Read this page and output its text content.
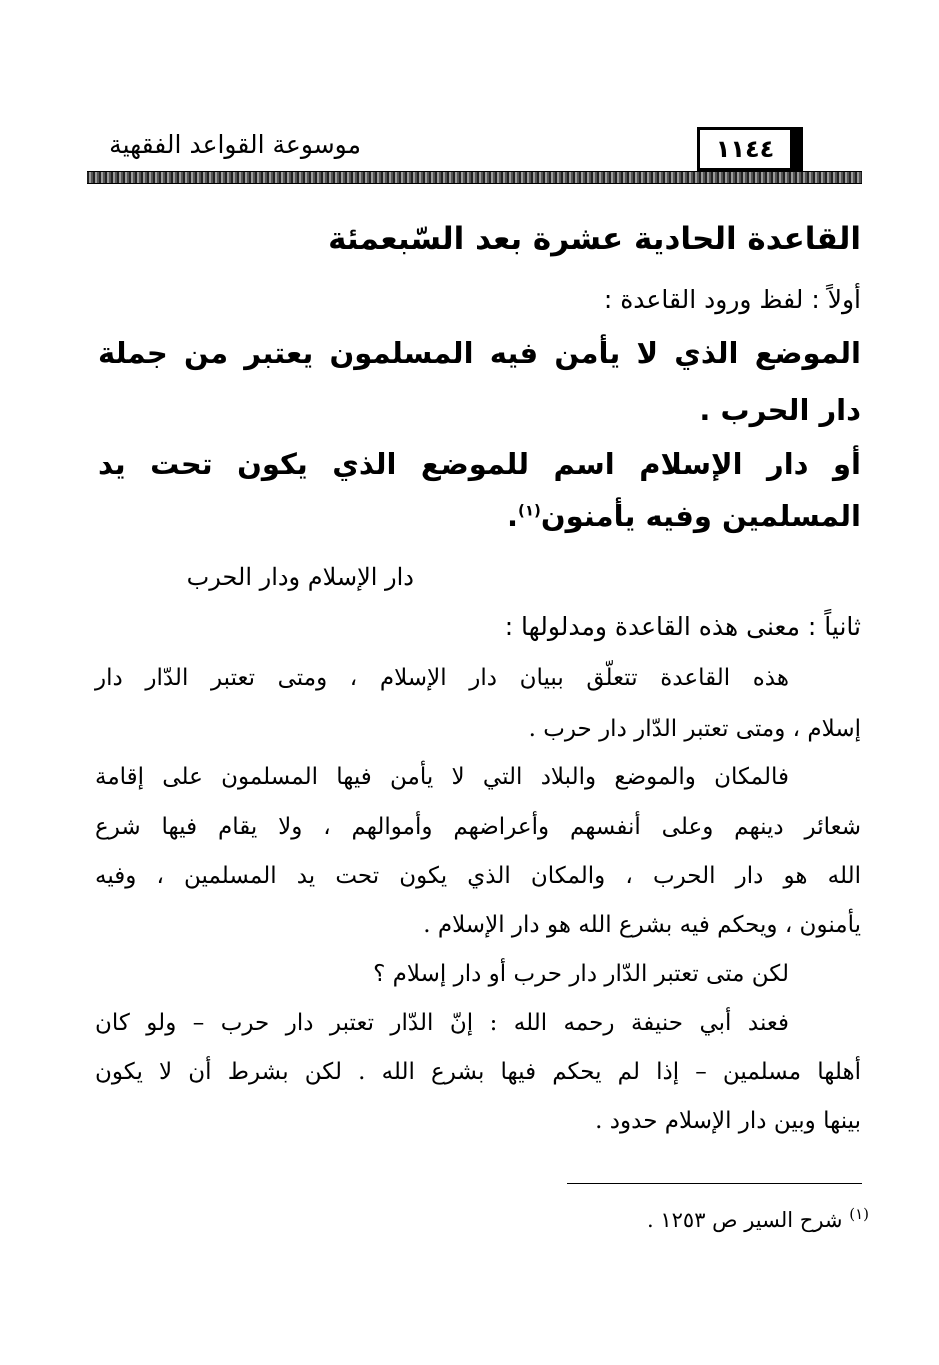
موسوعة القواعد الفقهية	١١٤٤
القاعدة الحادية عشرة بعد السّبعمئة
أولاً : لفظ ورود القاعدة :
الموضع الذي لا يأمن فيه المسلمون يعتبر من جملة
دار الحرب .
أو دار الإسلام اسم للموضع الذي يكون تحت يد
المسلمين وفيه يأمنون$^{(١)}$.
دار الإسلام ودار الحرب
ثانياً : معنى هذه القاعدة ومدلولها :
هذه القاعدة تتعلّق ببيان دار الإسلام ، ومتى تعتبر الدّار دار
إسلام ، ومتى تعتبر الدّار دار حرب .
فالمكان والموضع والبلاد التي لا يأمن فيها المسلمون على إقامة
شعائر دينهم وعلى أنفسهم وأعراضهم وأموالهم ، ولا يقام فيها شرع
الله هو دار الحرب ، والمكان الذي يكون تحت يد المسلمين ، وفيه
يأمنون ، ويحكم فيه بشرع الله هو دار الإسلام .
لكن متى تعتبر الدّار دار حرب أو دار إسلام ؟
فعند أبي حنيفة رحمه الله : إنّ الدّار تعتبر دار حرب – ولو كان
أهلها مسلمين – إذا لم يحكم فيها بشرع الله . لكن بشرط أن لا يكون
بينها وبين دار الإسلام حدود .
$^{(١)}$ شرح السير ص ١٢٥٣ .
